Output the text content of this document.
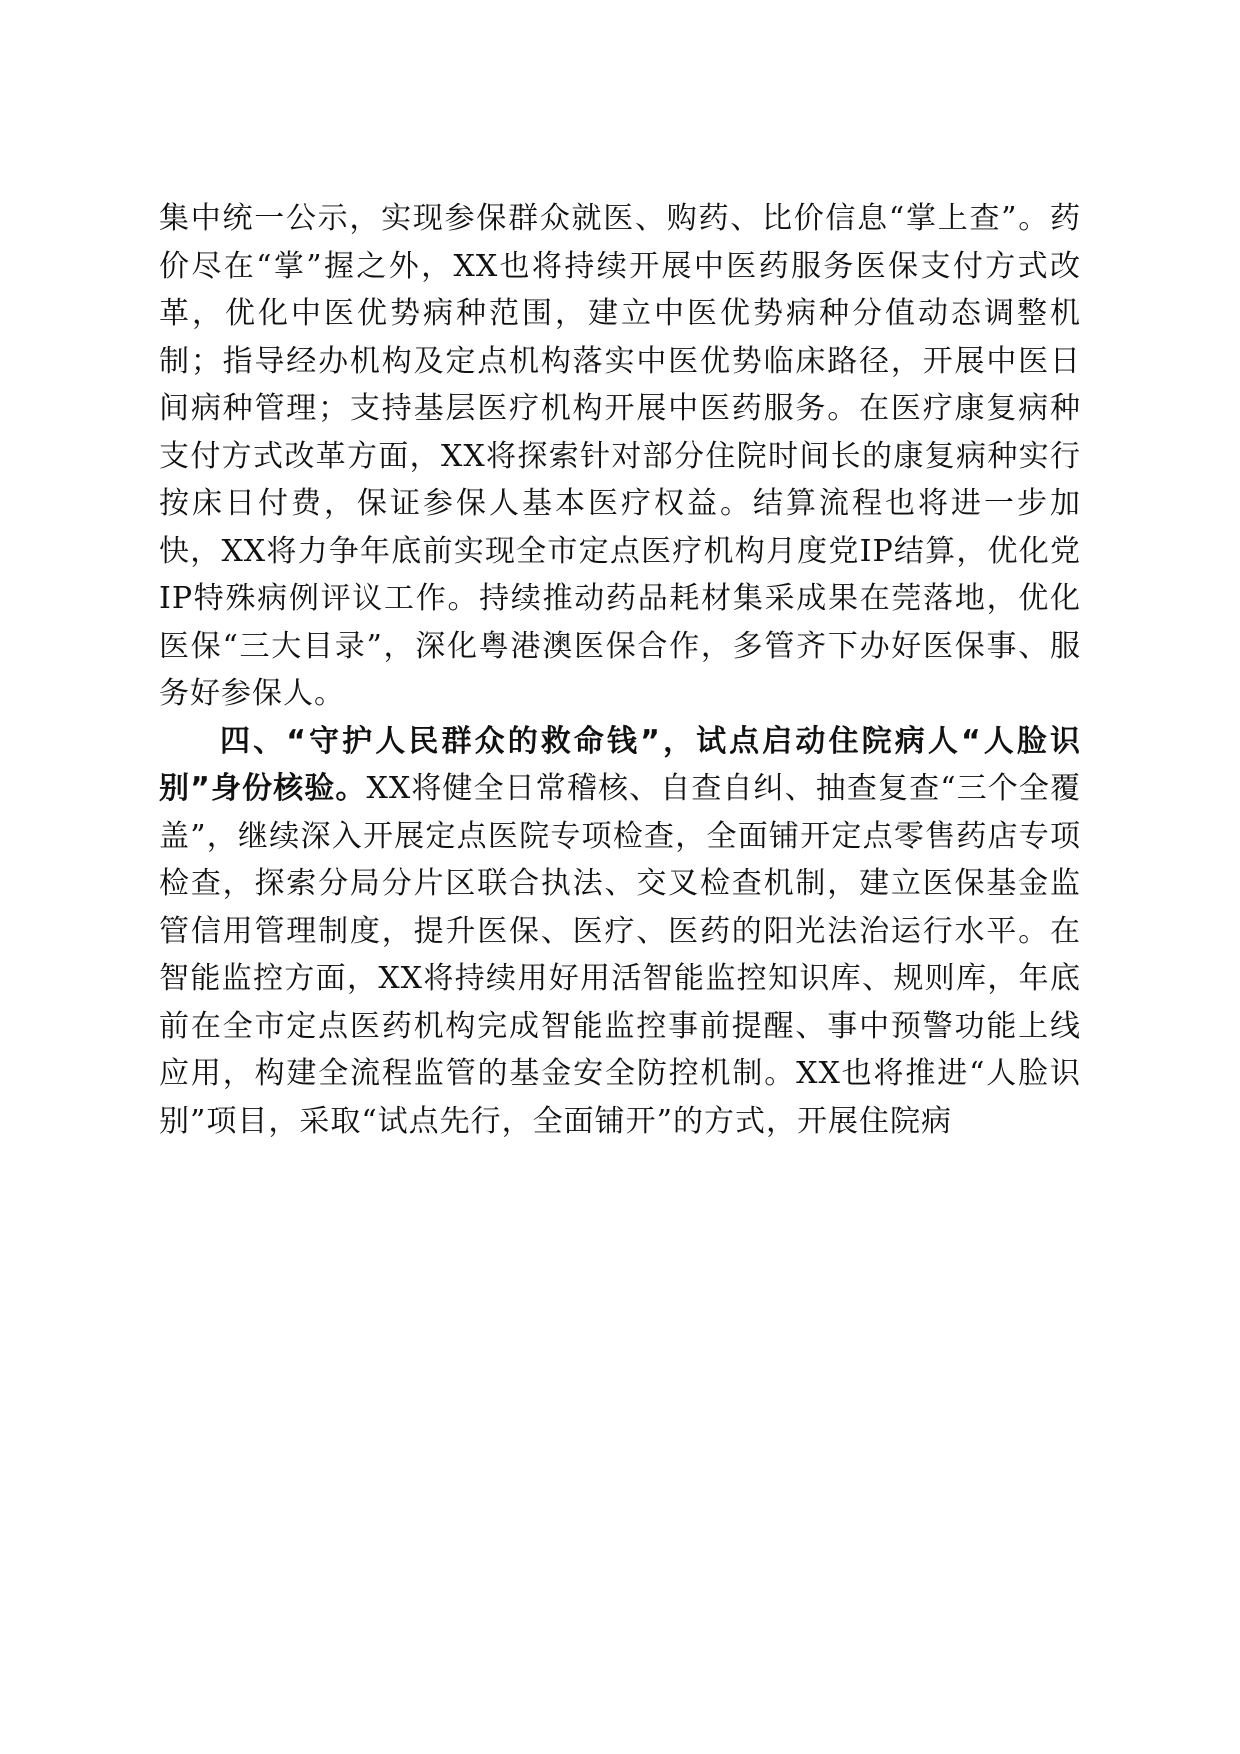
集中统一公示，实现参保群众就医、购药、比价信息“掌上查”。药价尽在“掌”握之外，XX也将持续开展中医药服务医保支付方式改革，优化中医优势病种范围，建立中医优势病种分值动态调整机制；指导经办机构及定点机构落实中医优势临床路径，开展中医日间病种管理；支持基层医疗机构开展中医药服务。在医疗康复病种支付方式改革方面，XX将探索针对部分住院时间长的康复病种实行按床日付费，保证参保人基本医疗权益。结算流程也将进一步加快，XX将力争年底前实现全市定点医疗机构月度党IP结算，优化党IP特殊病例评议工作。持续推动药品耗材集采成果在莞落地，优化医保“三大目录”，深化粤港澳医保合作，多管齐下办好医保事、服务好参保人。

四、“守护人民群众的救命钱”，试点启动住院病人“人脸识别”身份核验。XX将健全日常稽核、自查自纠、抽查复查“三个全覆盖”，继续深入开展定点医院专项检查，全面铺开定点零售药店专项检查，探索分局分片区联合执法、交叉检查机制，建立医保基金监管信用管理制度，提升医保、医疗、医药的阳光法治运行水平。在智能监控方面，XX将持续用好用活智能监控知识库、规则库，年底前在全市定点医药机构完成智能监控事前提醒、事中预警功能上线应用，构建全流程监管的基金安全防控机制。XX也将推进“人脸识别”项目，采取“试点先行，全面铺开”的方式，开展住院病
